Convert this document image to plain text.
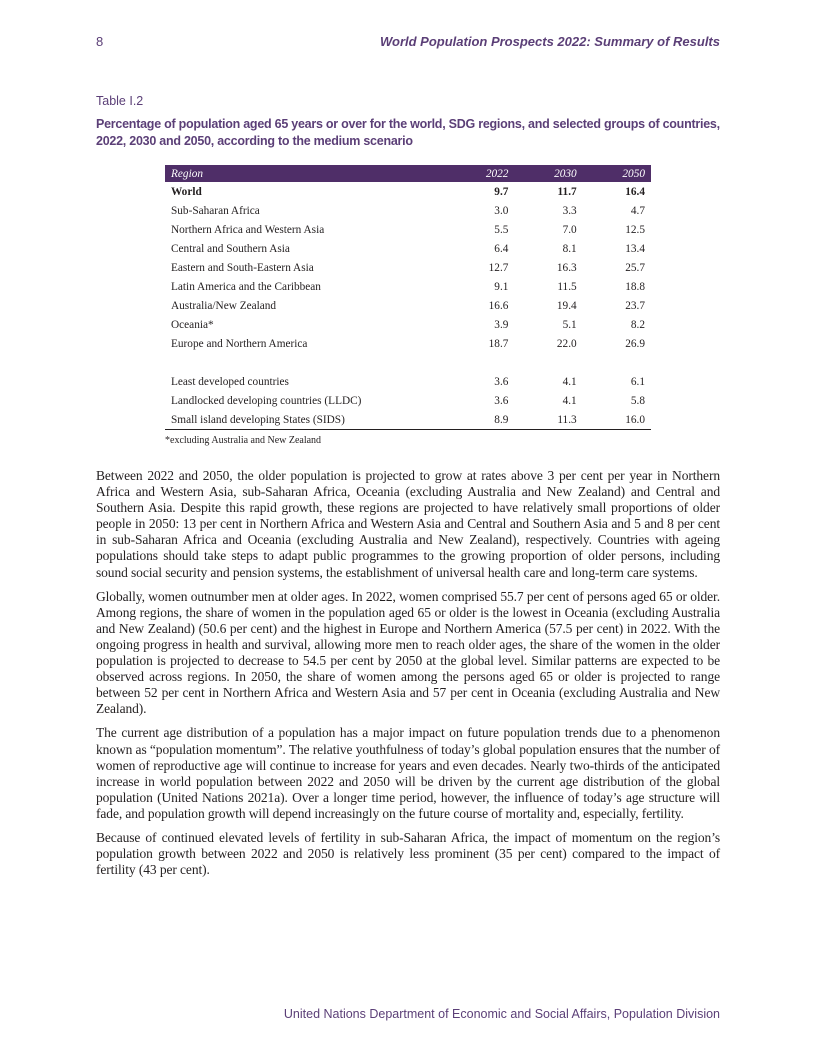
8	World Population Prospects 2022: Summary of Results
Table I.2
Percentage of population aged 65 years or over for the world, SDG regions, and selected groups of countries, 2022, 2030 and 2050, according to the medium scenario
Region	2022	2030	2050
World	9.7	11.7	16.4
Sub-Saharan Africa	3.0	3.3	4.7
Northern Africa and Western Asia	5.5	7.0	12.5
Central and Southern Asia	6.4	8.1	13.4
Eastern and South-Eastern Asia	12.7	16.3	25.7
Latin America and the Caribbean	9.1	11.5	18.8
Australia/New Zealand	16.6	19.4	23.7
Oceania*	3.9	5.1	8.2
Europe and Northern America	18.7	22.0	26.9

Least developed countries	3.6	4.1	6.1
Landlocked developing countries (LLDC)	3.6	4.1	5.8
Small island developing States (SIDS)	8.9	11.3	16.0
*excluding Australia and New Zealand

Between 2022 and 2050, the older population is projected to grow at rates above 3 per cent per year in Northern Africa and Western Asia, sub-Saharan Africa, Oceania (excluding Australia and New Zealand) and Central and Southern Asia. Despite this rapid growth, these regions are projected to have relatively small proportions of older people in 2050: 13 per cent in Northern Africa and Western Asia and Central and Southern Asia and 5 and 8 per cent in sub-Saharan Africa and Oceania (excluding Australia and New Zealand), respectively. Countries with ageing populations should take steps to adapt public programmes to the growing proportion of older persons, including sound social security and pension systems, the establishment of universal health care and long-term care systems.

Globally, women outnumber men at older ages. In 2022, women comprised 55.7 per cent of persons aged 65 or older. Among regions, the share of women in the population aged 65 or older is the lowest in Oceania (excluding Australia and New Zealand) (50.6 per cent) and the highest in Europe and Northern America (57.5 per cent) in 2022. With the ongoing progress in health and survival, allowing more men to reach older ages, the share of the women in the older population is projected to decrease to 54.5 per cent by 2050 at the global level. Similar patterns are expected to be observed across regions. In 2050, the share of women among the persons aged 65 or older is projected to range between 52 per cent in Northern Africa and Western Asia and 57 per cent in Oceania (excluding Australia and New Zealand).

The current age distribution of a population has a major impact on future population trends due to a phenomenon known as “population momentum”. The relative youthfulness of today’s global population ensures that the number of women of reproductive age will continue to increase for years and even decades. Nearly two-thirds of the anticipated increase in world population between 2022 and 2050 will be driven by the current age distribution of the global population (United Nations 2021a). Over a longer time period, however, the influence of today’s age structure will fade, and population growth will depend increasingly on the future course of mortality and, especially, fertility.

Because of continued elevated levels of fertility in sub-Saharan Africa, the impact of momentum on the region’s population growth between 2022 and 2050 is relatively less prominent (35 per cent) compared to the impact of fertility (43 per cent).

United Nations Department of Economic and Social Affairs, Population Division
